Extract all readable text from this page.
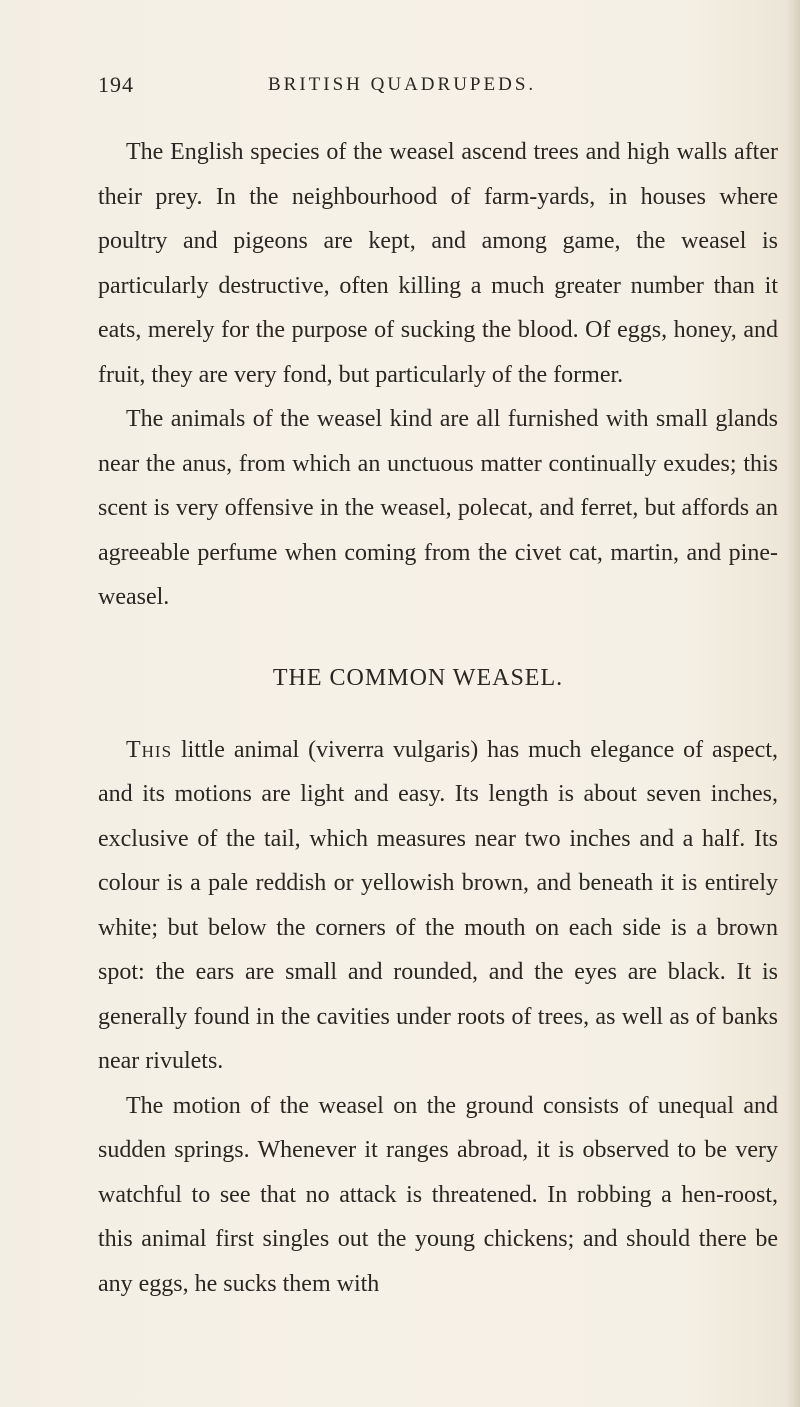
194	BRITISH QUADRUPEDS.

The English species of the weasel ascend trees and high walls after their prey. In the neighbourhood of farm-yards, in houses where poultry and pigeons are kept, and among game, the weasel is particularly destructive, often killing a much greater number than it eats, merely for the purpose of sucking the blood. Of eggs, honey, and fruit, they are very fond, but particularly of the former.

The animals of the weasel kind are all furnished with small glands near the anus, from which an unctuous matter continually exudes; this scent is very offensive in the weasel, polecat, and ferret, but affords an agreeable perfume when coming from the civet cat, martin, and pine-weasel.

THE COMMON WEASEL.

This little animal (viverra vulgaris) has much elegance of aspect, and its motions are light and easy. Its length is about seven inches, exclusive of the tail, which measures near two inches and a half. Its colour is a pale reddish or yellowish brown, and beneath it is entirely white; but below the corners of the mouth on each side is a brown spot: the ears are small and rounded, and the eyes are black. It is generally found in the cavities under roots of trees, as well as of banks near rivulets.

The motion of the weasel on the ground consists of unequal and sudden springs. Whenever it ranges abroad, it is observed to be very watchful to see that no attack is threatened. In robbing a hen-roost, this animal first singles out the young chickens; and should there be any eggs, he sucks them with
